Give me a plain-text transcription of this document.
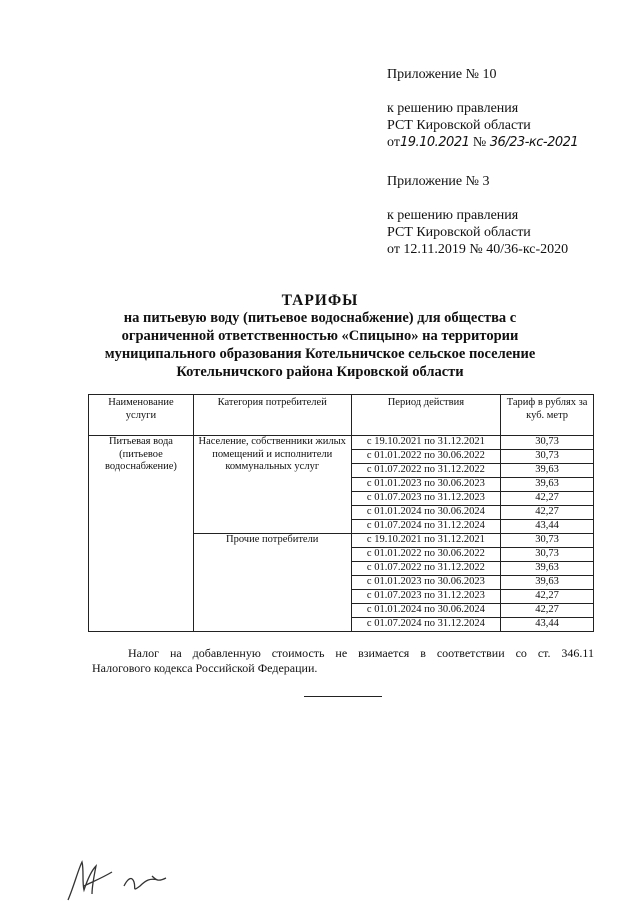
Приложение № 10
к решению правления
РСТ Кировской области
от19.10.2021 № 36/23-кс-2021
Приложение № 3
к решению правления
РСТ Кировской области
от 12.11.2019 № 40/36-кс-2020
ТАРИФЫ
на питьевую воду (питьевое водоснабжение) для общества с
ограниченной ответственностью «Спицыно» на территории
муниципального образования Котельничское сельское поселение
Котельничского района Кировской области
Наименование услуги	Категория потребителей	Период действия	Тариф в рублях за куб. метр
Питьевая вода (питьевое водоснабжение)	Население, собственники жилых помещений и исполнители коммунальных услуг	с 19.10.2021 по 31.12.2021	30,73
		с 01.01.2022 по 30.06.2022	30,73
		с 01.07.2022 по 31.12.2022	39,63
		с 01.01.2023 по 30.06.2023	39,63
		с 01.07.2023 по 31.12.2023	42,27
		с 01.01.2024 по 30.06.2024	42,27
		с 01.07.2024 по 31.12.2024	43,44
	Прочие потребители	с 19.10.2021 по 31.12.2021	30,73
		с 01.01.2022 по 30.06.2022	30,73
		с 01.07.2022 по 31.12.2022	39,63
		с 01.01.2023 по 30.06.2023	39,63
		с 01.07.2023 по 31.12.2023	42,27
		с 01.01.2024 по 30.06.2024	42,27
		с 01.07.2024 по 31.12.2024	43,44
Налог на добавленную стоимость не взимается в соответствии со ст. 346.11
Налогового кодекса Российской Федерации.
